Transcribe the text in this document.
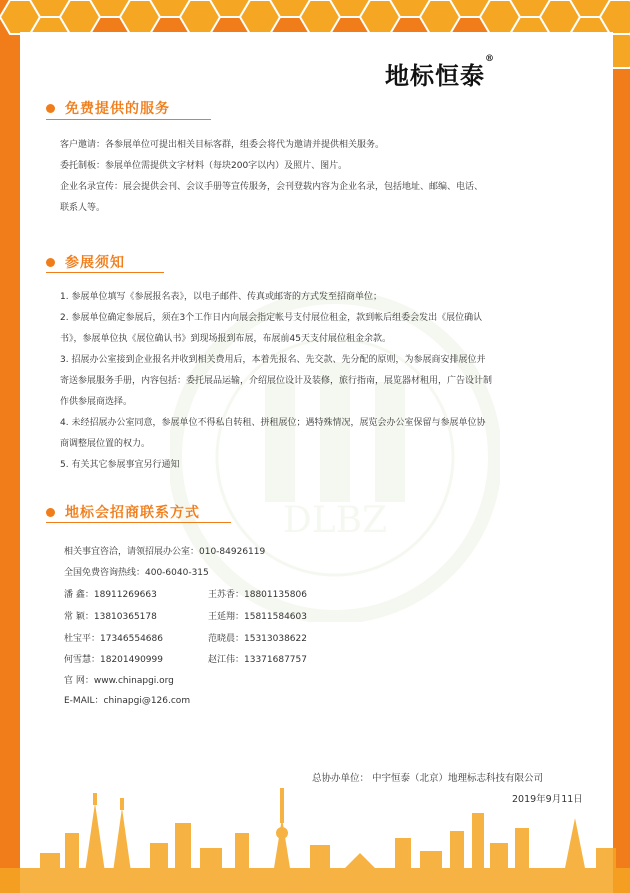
DLBZ
地标恒泰®
免费提供的服务

客户邀请：各参展单位可提出相关目标客群，组委会将代为邀请并提供相关服务。

委托制板：参展单位需提供文字材料（每块200字以内）及照片、图片。

企业名录宣传：展会提供会刊、会议手册等宣传服务，会刊登载内容为企业名录，包括地址、邮编、电话、

联系人等。

参展须知

1. 参展单位填写《参展报名表》，以电子邮件、传真或邮寄的方式发至招商单位；

2. 参展单位确定参展后，须在3个工作日内向展会指定帐号支付展位租金，款到帐后组委会发出《展位确认

书》，参展单位执《展位确认书》到现场报到布展，布展前45天支付展位租金余款。

3. 招展办公室接到企业报名并收到相关费用后，本着先报名、先交款、先分配的原则，为参展商安排展位并

寄送参展服务手册，内容包括：委托展品运输，介绍展位设计及装修，旅行指南，展览器材租用，广告设计制

作供参展商选择。

4. 未经招展办公室同意，参展单位不得私自转租、拼租展位；遇特殊情况，展览会办公室保留与参展单位协

商调整展位置的权力。

5. 有关其它参展事宜另行通知

地标会招商联系方式
相关事宜咨洽，请领招展办公室：010-84926119
全国免费咨询热线：400-6040-315
潘 鑫：18911269663	王苏香：18801135806
常 颖：13810365178	王延翔：15811584603
杜宝平：17346554686	范晓晨：15313038622
何雪慧：18201490999	赵江伟：13371687757
官 网：www.chinapgi.org
E-MAIL：chinapgi@126.com
总协办单位： 中宇恒泰（北京）地理标志科技有限公司
2019年9月11日
